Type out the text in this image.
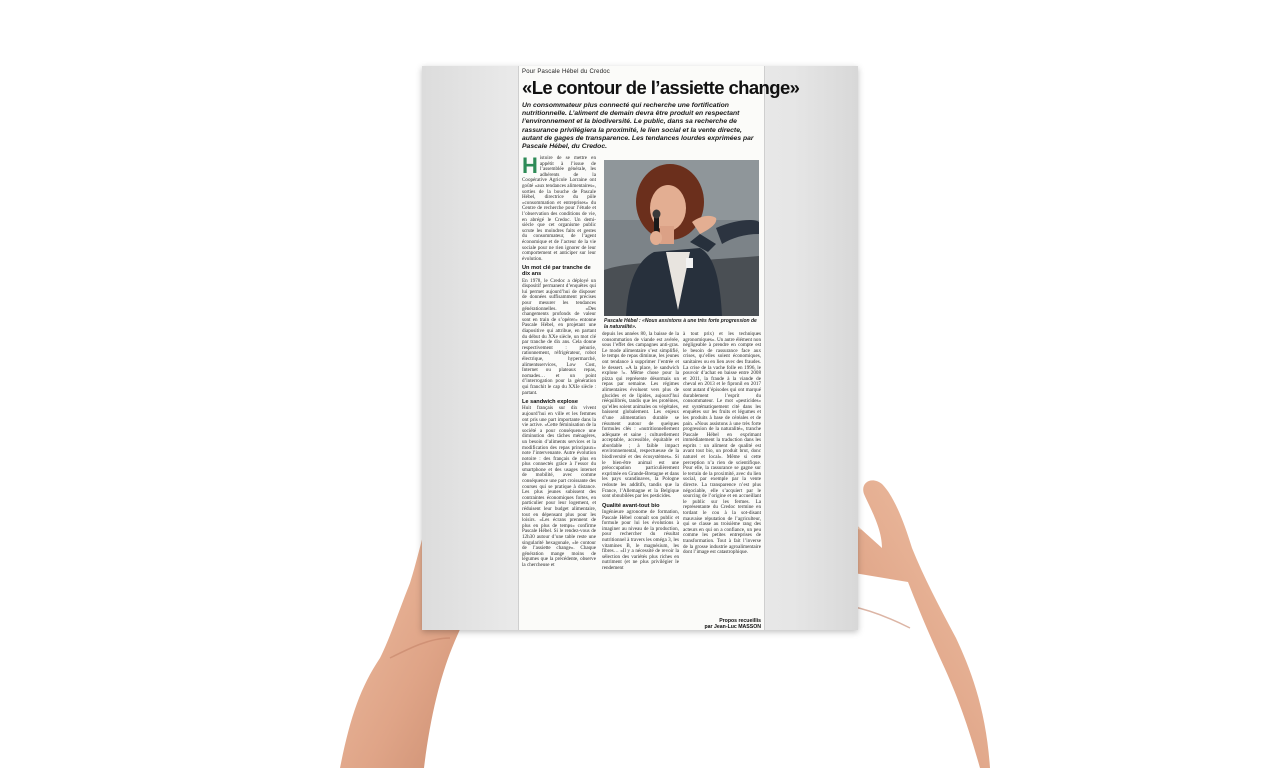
Pour Pascale Hébel du Credoc
«Le contour de l’assiette change»
Un consommateur plus connecté qui recherche une fortification nutritionnelle. L’aliment de demain devra être produit en respectant l’environnement et la biodiversité. Le public, dans sa recherche de rassurance privilégiera la proximité, le lien social et la vente directe, autant de gages de transparence. Les tendances lourdes exprimées par Pascale Hébel, du Credoc.
H istoire de se mettre en appétit à l’issue de l’assemblée générale, les adhérents de la Coopérative Agricole Lorraine ont goûté «aux tendances alimentaires», sorties de la bouche de Pascale Hébel, directrice du pôle «consommation et entreprises» du Centre de recherche pour l’étude et l’observation des conditions de vie, en abrégé le Credoc. Un demi-siècle que cet organisme public scrute les moindres faits et gestes du consommateur, de l’agent économique et de l’acteur de la vie sociale pour ne rien ignorer de leur comportement et anticiper sur leur évolution.

Un mot clé par tranche de dix ans

En 1978, le Credoc a déployé un dispositif permanent d’enquêtes qui lui permet aujourd’hui de disposer de données suffisamment précises pour mesurer les tendances générationnelles. «Des changements profonds de valeur sont en train de s’opérer» entonne Pascale Hébel, en projetant une diapositive qui attribue, en partant du début du XXe siècle, un mot clé par tranche de dix ans. Cela donne respectivement : pénurie, rationnement, réfrigérateur, robot électrique, hypermarché, alimentsservices, Low Cost, Internet ou plateaux repas, nomades… et un point d’interrogation pour la génération qui franchit le cap du XXIe siècle : partant.

Le sandwich explose

Huit français sur dix vivent aujourd’hui en ville et les femmes ont pris une part importante dans la vie active. «Cette féminisation de la société a pour conséquence une diminution des tâches ménagères, un besoin d’aliments services et la modification des repas principaux» note l’intervenante. Autre évolution notoire : des français de plus en plus connectés grâce à l’essor du smartphone et des usages internet de mobilité, avec comme conséquence une part croissante des courses qui se pratique à distance. Les plus jeunes subissent des contraintes économiques fortes, en particulier pour leur logement, et réduisent leur budget alimentaire, tout en dépensant plus pour les loisirs. «Les écrans prennent de plus en plus de temps» confirme Pascale Hébel. Si le rendez-vous de 12h30 autour d’une table reste une singularité hexagonale, «le contour de l’assiette change». Chaque génération mange moins de légumes que la précédente, observe la chercheuse et

Pascale Hébel : «Nous assistons à une très forte progression de la naturalité».

depuis les années 80, la baisse de la consommation de viande est avérée, sous l’effet des campagnes anti-gras. Le mode alimentaire s’est simplifié, le temps de repas diminue, les jeunes ont tendance à supprimer l’entrée et le dessert. «A la place, le sandwich explose !». Même chose pour la pizza qui représente désormais un repas par semaine. Les régimes alimentaires évoluent vers plus de glucides et de lipides, aujourd’hui rééquilibrés, tandis que les protéines, qu’elles soient animales ou végétales, baissent globalement. Les enjeux d’une alimentation durable se résument autour de quelques formules clés : «nutritionnellement adéquate et saine ; culturellement acceptable, accessible, équitable et abordable ; à faible impact environnemental, respectueuse de la biodiversité et des écosystèmes». Si le bien-être animal est une préoccupation particulièrement exprimée en Grande-Bretagne et dans les pays scandinaves, la Pologne redoute les additifs, tandis que la France, l’Allemagne et la Belgique sont obnubilées par les pesticides.

Qualité avant-tout bio

Ingénieure agronome de formation, Pascale Hébel connaît son public et formule pour lui les évolutions à imaginer au niveau de la production, pour rechercher du résultat nutritionnel à travers les oméga 3, les vitamines B, le magnésium, les fibres… «Il y a nécessité de revoir la sélection des variétés plus riches en nutriment (et ne plus privilégier le rendement

à tout prix) et les techniques agronomiques». Un autre élément non négligeable à prendre en compte est le besoin de rassurance face aux crises, qu’elles soient économiques, sanitaires ou en lien avec des fraudes. La crise de la vache folle en 1996, le pouvoir d’achat en baisse entre 2008 et 2011, la fraude à la viande de cheval en 2013 et le fipronil en 2017 sont autant d’épisodes qui ont marqué durablement l’esprit du consommateur. Le mot «pesticides» est systématiquement cité dans les enquêtes sur les fruits et légumes et les produits à base de céréales et de pain. «Nous assistons à une très forte progression de la naturalité», tranche Pascale Hébel en exprimant immédiatement la traduction dans les esprits : un aliment de qualité est avant tout bio, un produit brut, donc naturel et local». Même si cette perception n’a rien de scientifique. Pour elle, la rassurance se gagne sur le terrain de la proximité, avec du lien social, par exemple par la vente directe. La transparence n’est plus négociable, elle s’acquiert par le sourcing de l’origine et en accueillant le public sur les fermes. La représentante du Credoc termine en tordant le cou à la sot-disant mauvaise réputation de l’agriculteur, qui se classe au troisième rang des acteurs en qui on a confiance, un peu comme les petites entreprises de transformation. Tout à fait l’inverse de la grosse industrie agroalimentaire dont l’image est catastrophique.

Propos recueillis
par Jean-Luc MASSON
